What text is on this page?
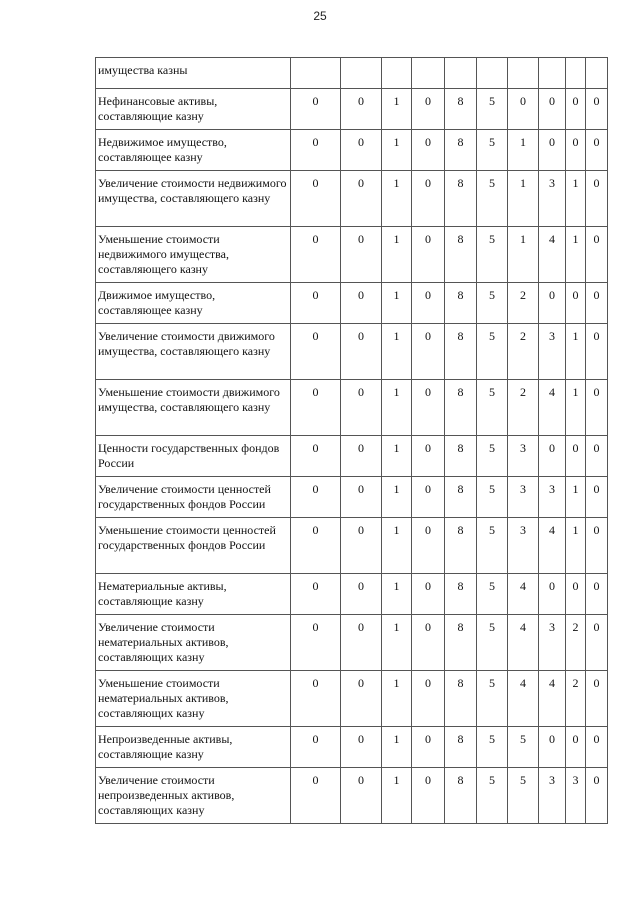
25
имущества казны										
Нефинансовые активы, составляющие казну	0	0	1	0	8	5	0	0	0	0
Недвижимое имущество, составляющее казну	0	0	1	0	8	5	1	0	0	0
Увеличение стоимости недвижимого имущества, составляющего казну	0	0	1	0	8	5	1	3	1	0
Уменьшение стоимости недвижимого имущества, составляющего казну	0	0	1	0	8	5	1	4	1	0
Движимое имущество, составляющее казну	0	0	1	0	8	5	2	0	0	0
Увеличение стоимости движимого имущества, составляющего казну	0	0	1	0	8	5	2	3	1	0
Уменьшение стоимости движимого имущества, составляющего казну	0	0	1	0	8	5	2	4	1	0
Ценности государственных фондов России	0	0	1	0	8	5	3	0	0	0
Увеличение стоимости ценностей государственных фондов России	0	0	1	0	8	5	3	3	1	0
Уменьшение стоимости ценностей государственных фондов России	0	0	1	0	8	5	3	4	1	0
Нематериальные активы, составляющие казну	0	0	1	0	8	5	4	0	0	0
Увеличение стоимости нематериальных активов, составляющих казну	0	0	1	0	8	5	4	3	2	0
Уменьшение стоимости нематериальных активов, составляющих казну	0	0	1	0	8	5	4	4	2	0
Непроизведенные активы, составляющие казну	0	0	1	0	8	5	5	0	0	0
Увеличение стоимости непроизведенных активов, составляющих казну	0	0	1	0	8	5	5	3	3	0
